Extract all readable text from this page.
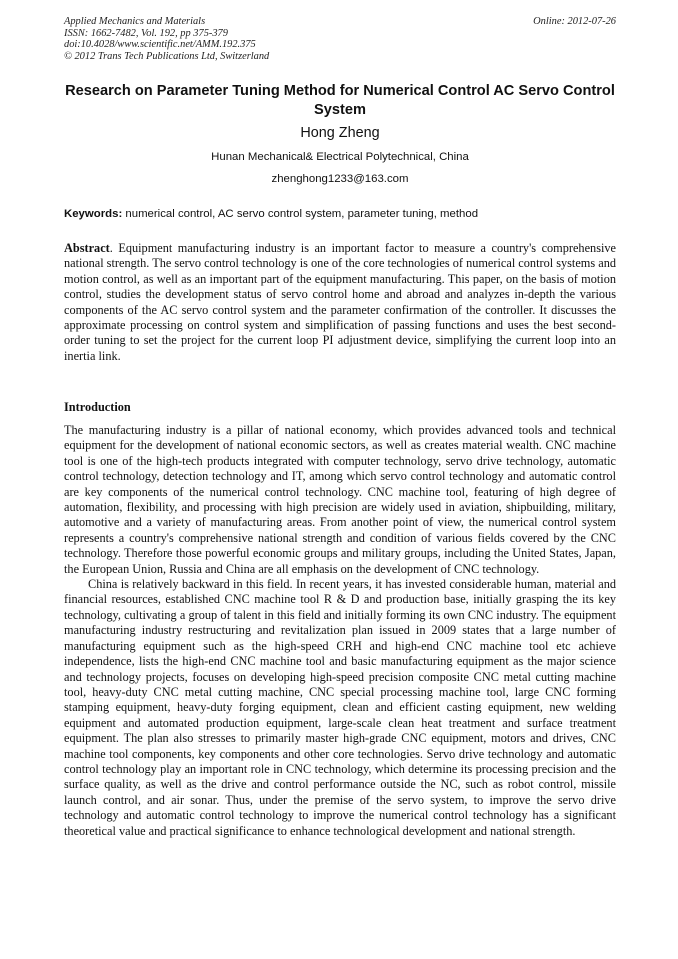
Applied Mechanics and Materials
ISSN: 1662-7482, Vol. 192, pp 375-379
doi:10.4028/www.scientific.net/AMM.192.375
© 2012 Trans Tech Publications Ltd, Switzerland
Online: 2012-07-26
Research on Parameter Tuning Method for Numerical Control AC Servo Control System
Hong Zheng
Hunan Mechanical& Electrical Polytechnical, China
zhenghong1233@163.com
Keywords: numerical control, AC servo control system, parameter tuning, method
Abstract. Equipment manufacturing industry is an important factor to measure a country's comprehensive national strength. The servo control technology is one of the core technologies of numerical control systems and motion control, as well as an important part of the equipment manufacturing. This paper, on the basis of motion control, studies the development status of servo control home and abroad and analyzes in-depth the various components of the AC servo control system and the parameter confirmation of the controller. It discusses the approximate processing on control system and simplification of passing functions and uses the best second-order tuning to set the project for the current loop PI adjustment device, simplifying the current loop into an inertia link.
Introduction

The manufacturing industry is a pillar of national economy, which provides advanced tools and technical equipment for the development of national economic sectors, as well as creates material wealth. CNC machine tool is one of the high-tech products integrated with computer technology, servo drive technology, automatic control technology, detection technology and IT, among which servo control technology and automatic control are key components of the numerical control technology. CNC machine tool, featuring of high degree of automation, flexibility, and processing with high precision are widely used in aviation, shipbuilding, military, automotive and a variety of manufacturing areas. From another point of view, the numerical control system represents a country's comprehensive national strength and condition of various fields covered by the CNC technology. Therefore those powerful economic groups and military groups, including the United States, Japan, the European Union, Russia and China are all emphasis on the development of CNC technology.

China is relatively backward in this field. In recent years, it has invested considerable human, material and financial resources, established CNC machine tool R & D and production base, initially grasping the its key technology, cultivating a group of talent in this field and initially forming its own CNC industry. The equipment manufacturing industry restructuring and revitalization plan issued in 2009 states that a large number of manufacturing equipment such as the high-speed CRH and high-end CNC machine tool etc achieve independence, lists the high-end CNC machine tool and basic manufacturing equipment as the major science and technology projects, focuses on developing high-speed precision composite CNC metal cutting machine tool, heavy-duty CNC metal cutting machine, CNC special processing machine tool, large CNC forming stamping equipment, heavy-duty forging equipment, clean and efficient casting equipment, new welding equipment and automated production equipment, large-scale clean heat treatment and surface treatment equipment. The plan also stresses to primarily master high-grade CNC equipment, motors and drives, CNC machine tool components, key components and other core technologies. Servo drive technology and automatic control technology play an important role in CNC technology, which determine its processing precision and the surface quality, as well as the drive and control performance outside the NC, such as robot control, missile launch control, and air sonar. Thus, under the premise of the servo system, to improve the servo drive technology and automatic control technology to improve the numerical control technology has a significant theoretical value and practical significance to enhance technological development and national strength.
